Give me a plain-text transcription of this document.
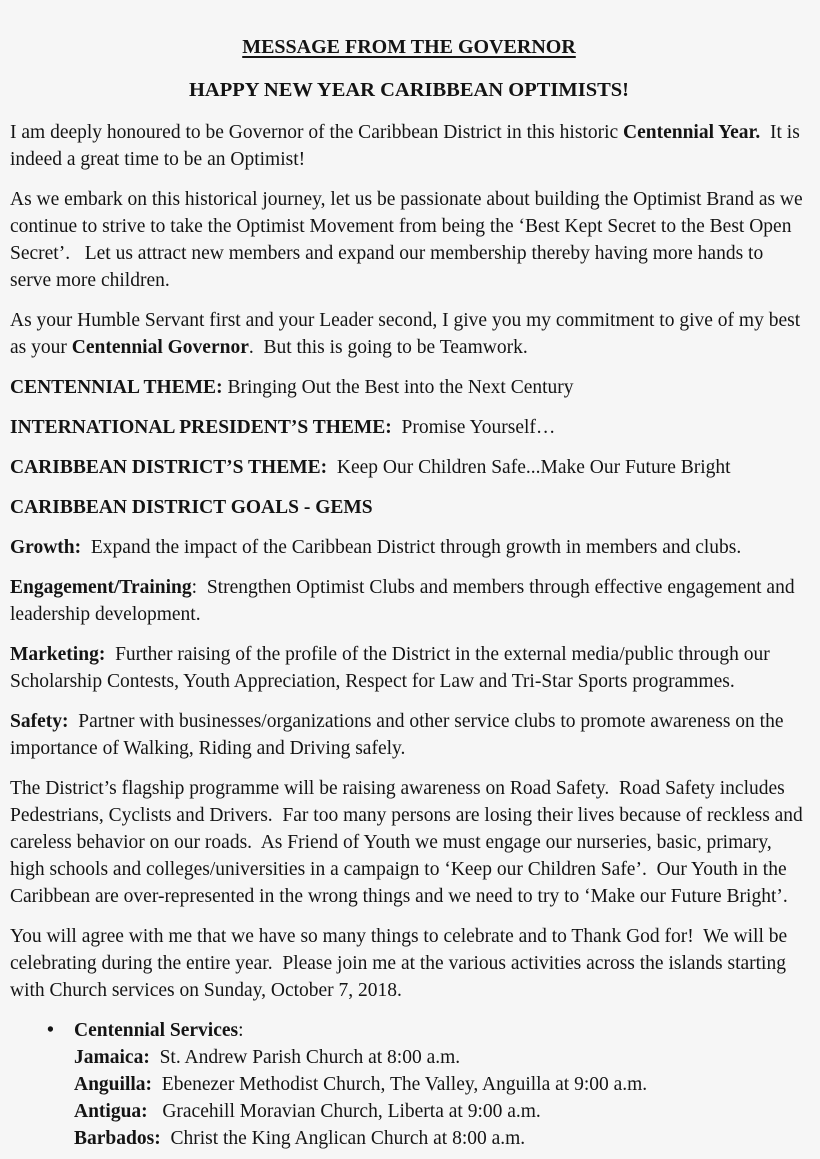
MESSAGE FROM THE GOVERNOR
HAPPY NEW YEAR CARIBBEAN OPTIMISTS!

I am deeply honoured to be Governor of the Caribbean District in this historic Centennial Year.  It is indeed a great time to be an Optimist!

As we embark on this historical journey, let us be passionate about building the Optimist Brand as we continue to strive to take the Optimist Movement from being the ‘Best Kept Secret to the Best Open Secret’.   Let us attract new members and expand our membership thereby having more hands to serve more children.

As your Humble Servant first and your Leader second, I give you my commitment to give of my best as your Centennial Governor.  But this is going to be Teamwork.

CENTENNIAL THEME: Bringing Out the Best into the Next Century

INTERNATIONAL PRESIDENT’S THEME:  Promise Yourself…

CARIBBEAN DISTRICT’S THEME:  Keep Our Children Safe...Make Our Future Bright

CARIBBEAN DISTRICT GOALS - GEMS

Growth:  Expand the impact of the Caribbean District through growth in members and clubs.

Engagement/Training:  Strengthen Optimist Clubs and members through effective engagement and leadership development.

Marketing:  Further raising of the profile of the District in the external media/public through our Scholarship Contests, Youth Appreciation, Respect for Law and Tri-Star Sports programmes.

Safety:  Partner with businesses/organizations and other service clubs to promote awareness on the importance of Walking, Riding and Driving safely.

The District’s flagship programme will be raising awareness on Road Safety.  Road Safety includes Pedestrians, Cyclists and Drivers.  Far too many persons are losing their lives because of reckless and careless behavior on our roads.  As Friend of Youth we must engage our nurseries, basic, primary, high schools and colleges/universities in a campaign to ‘Keep our Children Safe’.  Our Youth in the Caribbean are over-represented in the wrong things and we need to try to ‘Make our Future Bright’.

You will agree with me that we have so many things to celebrate and to Thank God for!  We will be celebrating during the entire year.  Please join me at the various activities across the islands starting with Church services on Sunday, October 7, 2018.

• Centennial Services:
Jamaica:  St. Andrew Parish Church at 8:00 a.m.
Anguilla:  Ebenezer Methodist Church, The Valley, Anguilla at 9:00 a.m.
Antigua:   Gracehill Moravian Church, Liberta at 9:00 a.m.
Barbados:  Christ the King Anglican Church at 8:00 a.m.
